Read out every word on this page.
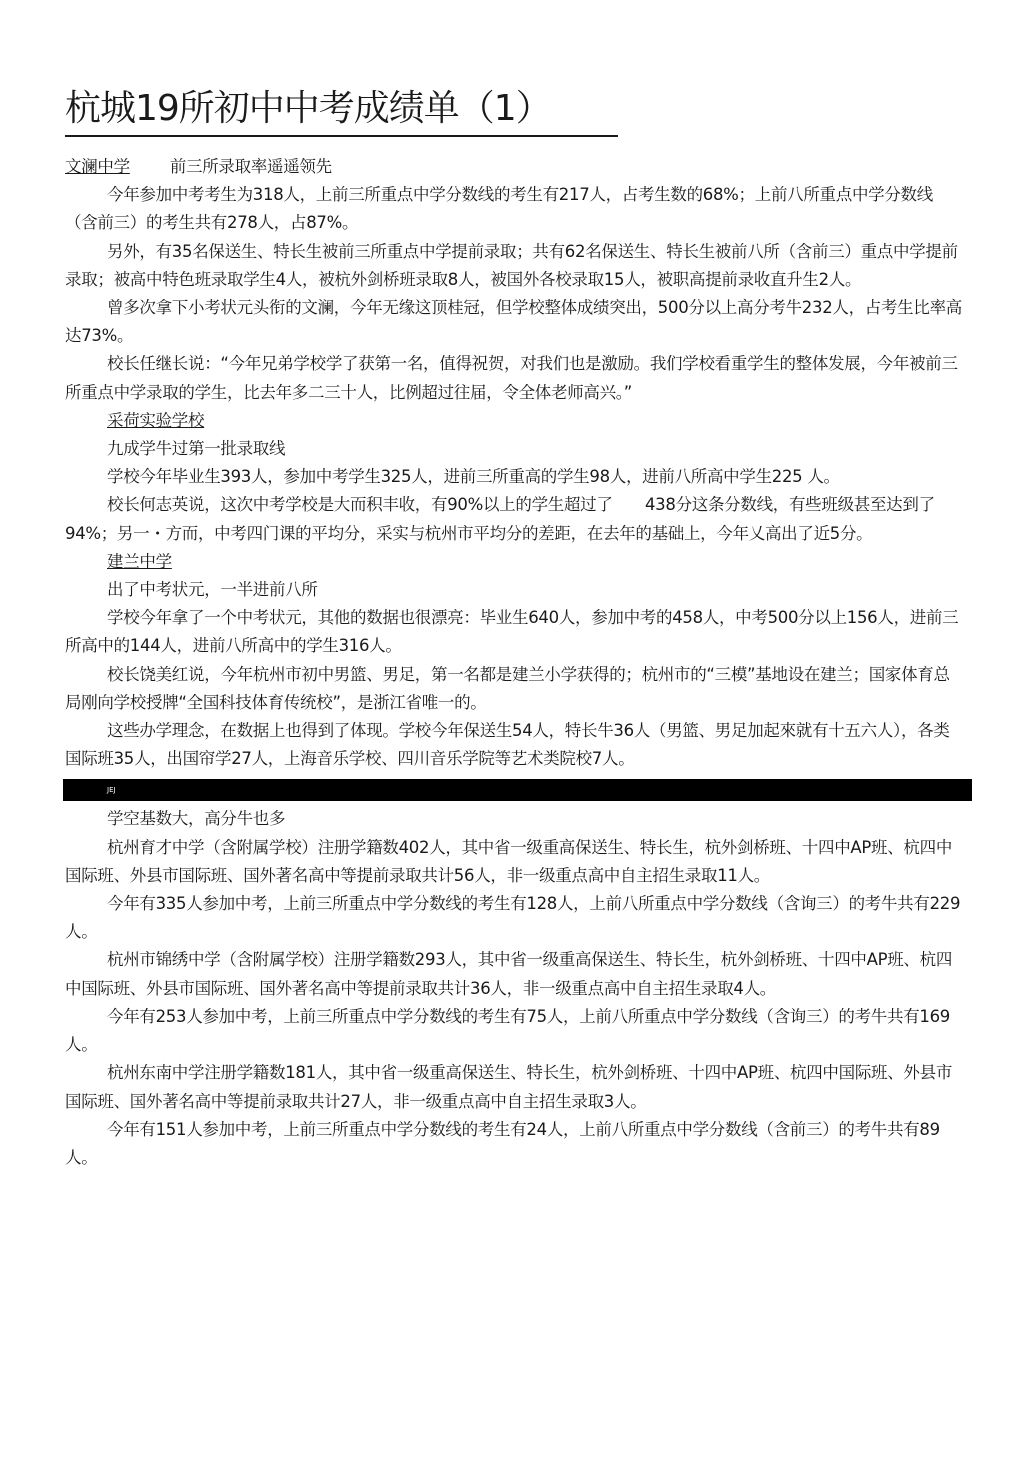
杭城19所初中中考成绩单（1）

文澜中学 前三所录取率遥遥领先

今年参加中考考生为318人，上前三所重点中学分数线的考生有217人，占考生数的68%；上前八所重点中学分数线（含前三）的考生共有278人，占87%。

另外，有35名保送生、特长生被前三所重点中学提前录取；共有62名保送生、特长生被前八所（含前三）重点中学提前录取；被高中特色班录取学生4人，被杭外剑桥班录取8人，被国外各校录取15人，被职高提前录收直升生2人。

曾多次拿下小考状元头衔的文澜，今年无缘这顶桂冠，但学校整体成绩突出，500分以上高分考牛232人，占考生比率高达73%。

校长任继长说：“今年兄弟学校学了获第一名，值得祝贺，对我们也是激励。我们学校看重学生的整体发展，今年被前三所重点中学录取的学生，比去年多二三十人，比例超过往届，令全体老师高兴。”

采荷实验学校

九成学牛过第一批录取线

学校今年毕业生393人，参加中考学生325人，进前三所重高的学生98人，进前八所高中学生225 人。

校长何志英说，这次中考学校是大而积丰收，有90%以上的学生超过了　　438分这条分数线，有些班级甚至达到了　94%；另一・方而，中考四门课的平均分，采实与杭州市平均分的差距，在去年的基础上，今年乂高出了近5分。

建兰中学

出了中考状元，一半进前八所

学校今年拿了一个中考状元，其他的数据也很漂亮：毕业生640人，参加中考的458人，中考500分以上156人，进前三所高中的144人，进前八所高中的学生316人。

校长饶美红说，今年杭州市初中男篮、男足，第一名都是建兰小学获得的；杭州市的“三模”基地设在建兰；国家体育总局刚向学校授牌“全国科技体育传统校”，是浙江省唯一的。

这些办学理念，在数据上也得到了体现。学校今年保送生54人，特长牛36人（男篮、男足加起來就有十五六人），各类国际班35人，出国帘学27人，上海音乐学校、四川音乐学院等艺术类院校7人。

JEJ

学空基数大，高分牛也多

杭州育才中学（含附属学校）注册学籍数402人，其中省一级重高保送生、特长生，杭外剑桥班、十四中AP班、杭四中国际班、外县市国际班、国外著名高中等提前录取共计56人，非一级重点高中自主招生录取11人。

今年有335人参加中考，上前三所重点中学分数线的考生有128人，上前八所重点中学分数线（含询三）的考牛共有229人。

杭州市锦绣中学（含附属学校）注册学籍数293人，其中省一级重高保送生、特长生，杭外剑桥班、十四中AP班、杭四中国际班、外县市国际班、国外著名高中等提前录取共计36人，非一级重点高中自主招生录取4人。

今年有253人参加中考，上前三所重点中学分数线的考生有75人，上前八所重点中学分数线（含询三）的考牛共有169人。

杭州东南中学注册学籍数181人，其中省一级重高保送生、特长生，杭外剑桥班、十四中AP班、杭四中国际班、外县市国际班、国外著名高中等提前录取共计27人，非一级重点高中自主招生录取3人。

今年有151人参加中考，上前三所重点中学分数线的考生有24人，上前八所重点中学分数线（含前三）的考牛共有89人。
